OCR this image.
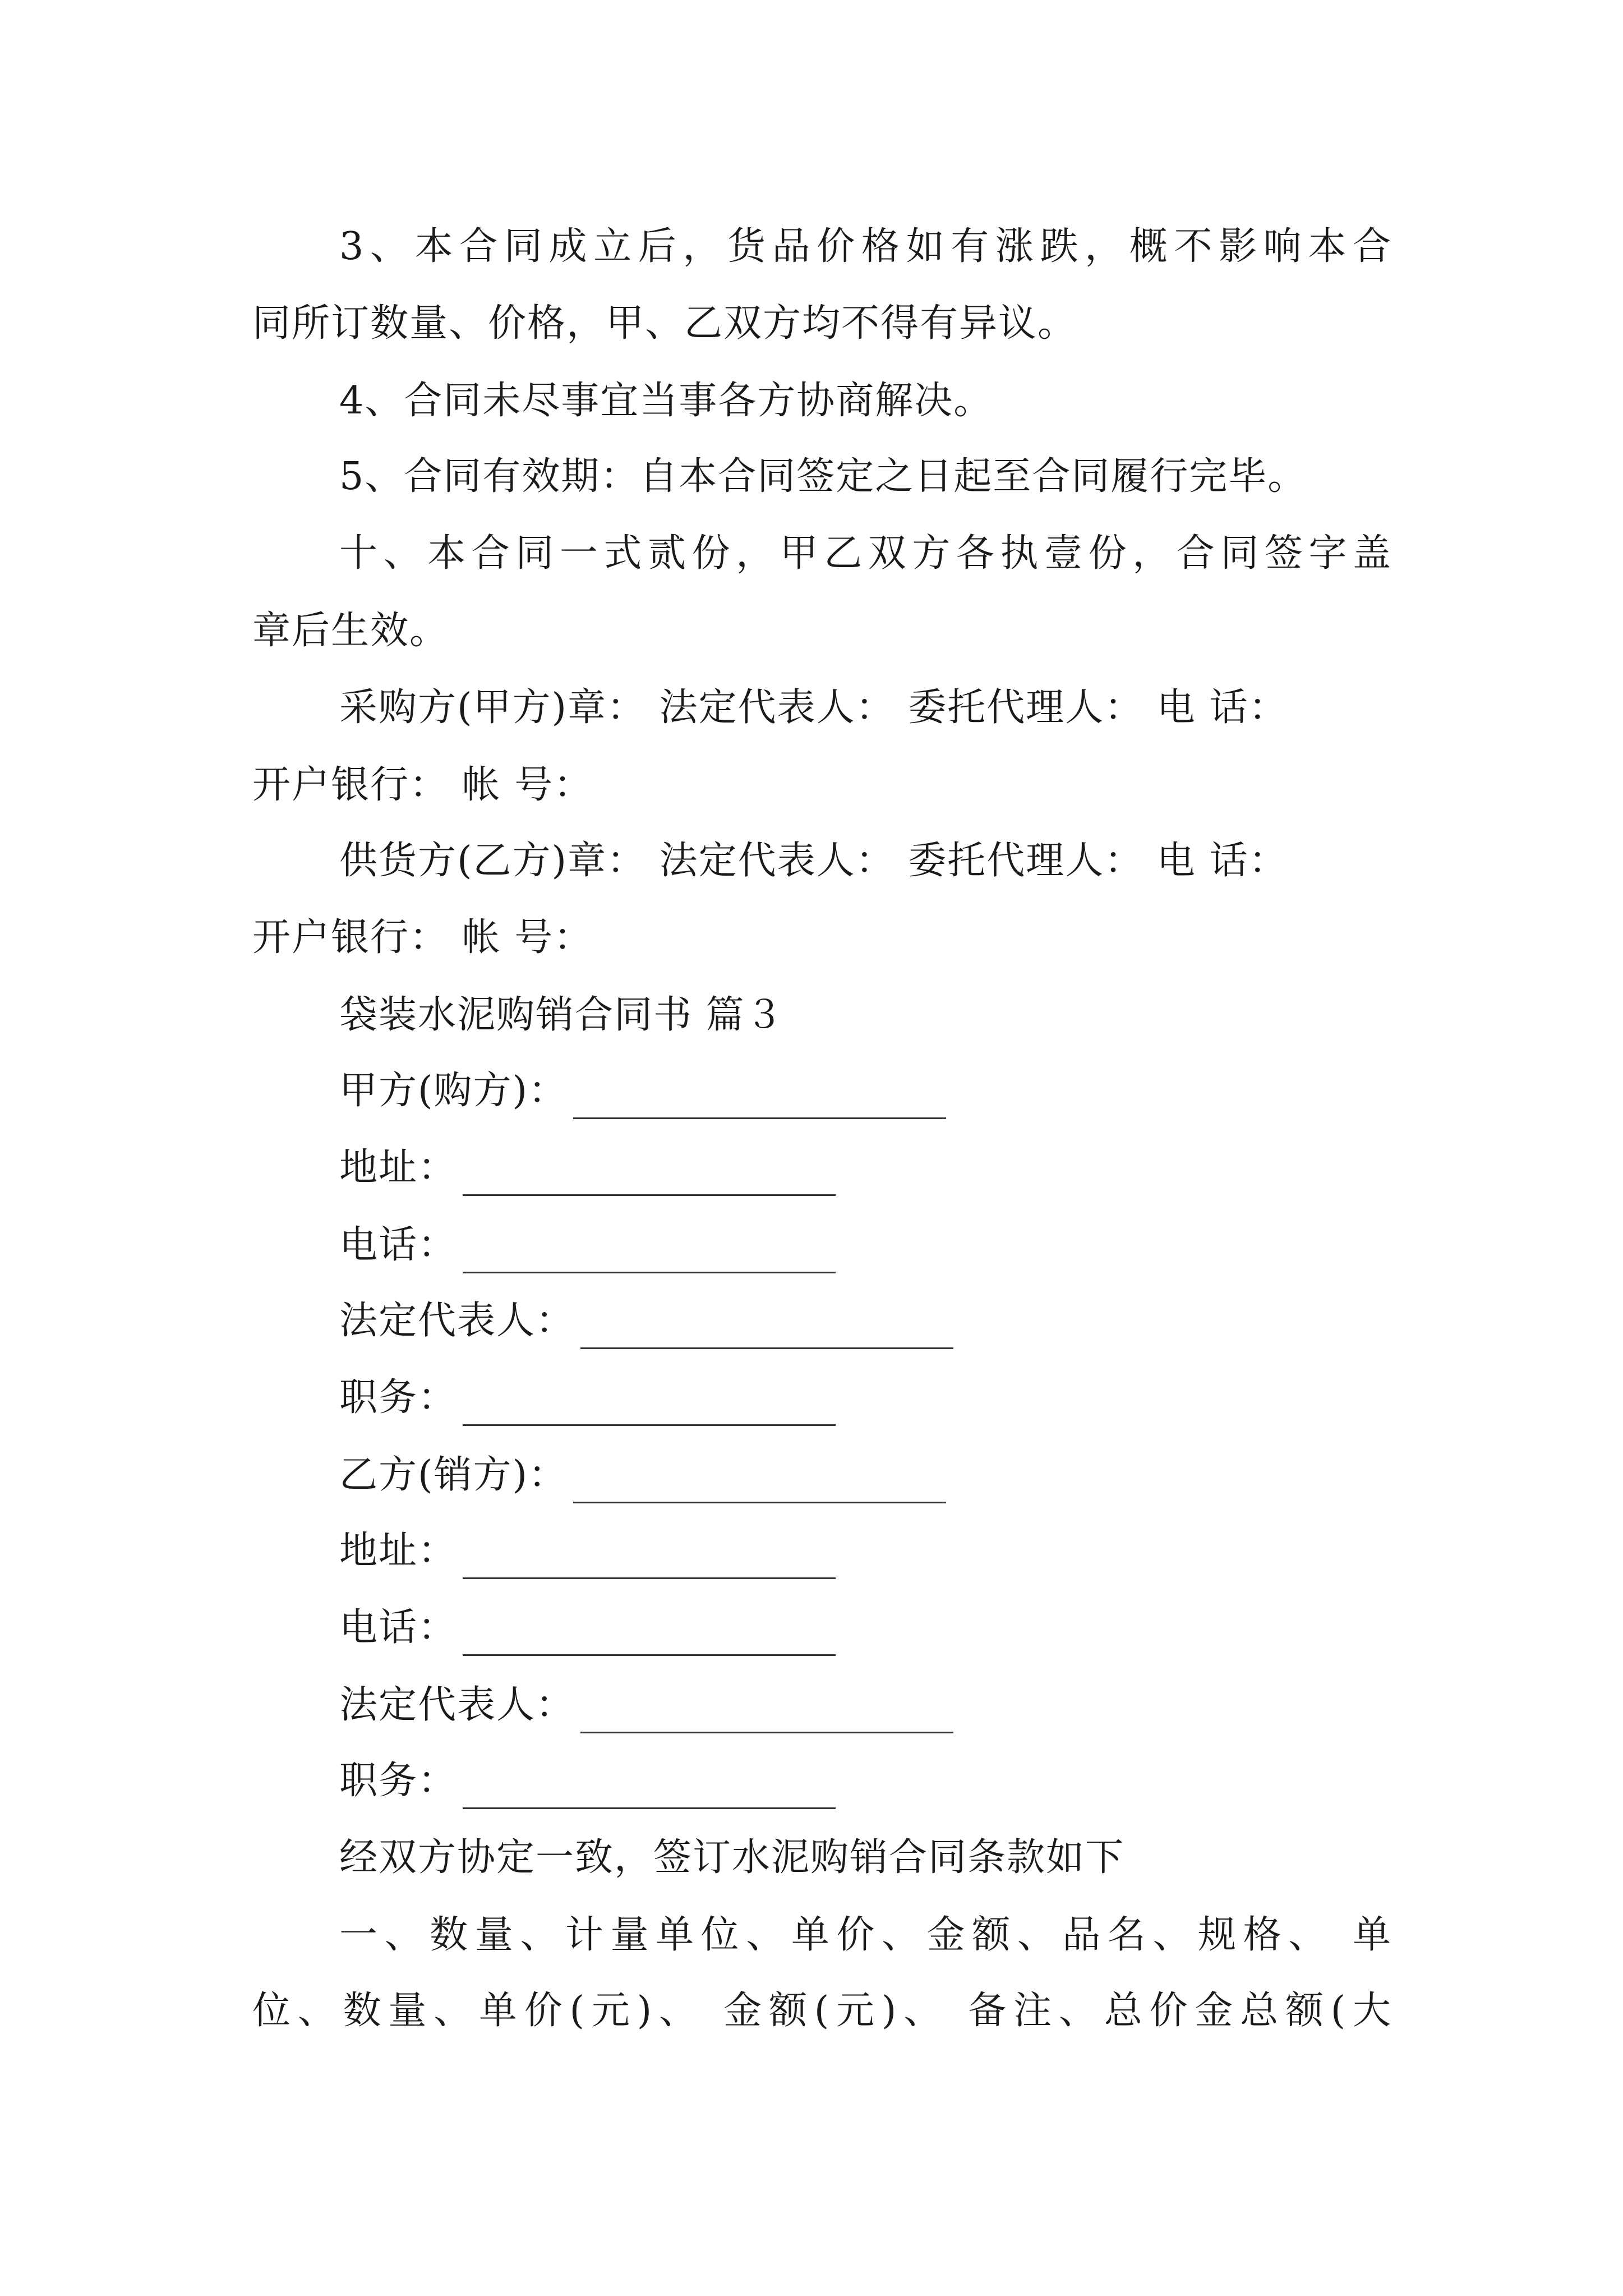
3、本合同成立后，货品价格如有涨跌，概不影响本合
同所订数量、价格，甲、乙双方均不得有异议。
4、合同未尽事宜当事各方协商解决。
5、合同有效期：自本合同签定之日起至合同履行完毕。
十、本合同一式贰份，甲乙双方各执壹份，合同签字盖
章后生效。
采购方(甲方)章： 法定代表人： 委托代理人： 电 话：
开户银行： 帐 号：
供货方(乙方)章： 法定代表人： 委托代理人： 电 话：
开户银行： 帐 号：
袋装水泥购销合同书 篇３
甲方(购方)：
地址：
电话：
法定代表人：
职务：
乙方(销方)：
地址：
电话：
法定代表人：
职务：
经双方协定一致，签订水泥购销合同条款如下
一、数量、计量单位、单价、金额、品名、规格、 单
位、数量、单价(元)、 金额(元)、 备注、总价金总额(大
